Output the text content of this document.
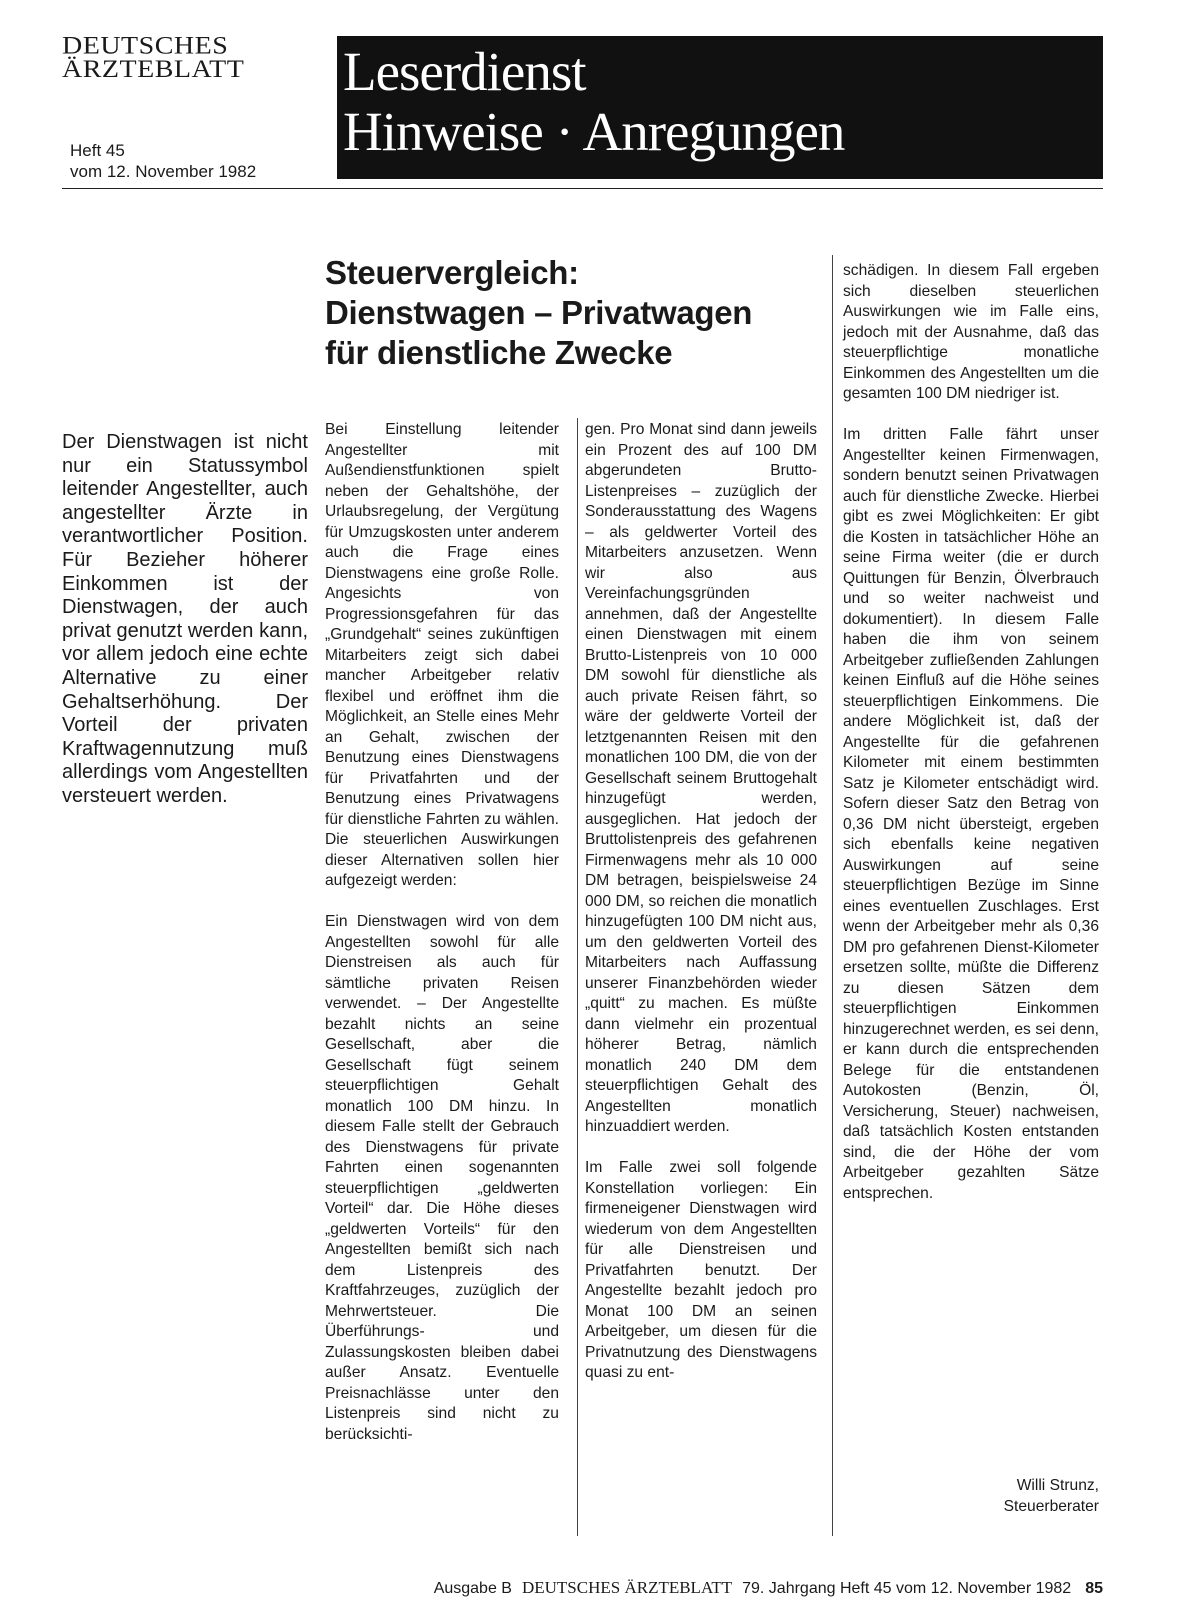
DEUTSCHES
ÄRZTEBLATT
Heft 45
vom 12. November 1982
Leserdienst
Hinweise · Anregungen
Steuervergleich:
Dienstwagen – Privatwagen
für dienstliche Zwecke
Der Dienstwagen ist nicht nur ein Statussymbol leitender Angestellter, auch angestellter Ärzte in verantwortlicher Position. Für Bezieher höherer Einkommen ist der Dienstwagen, der auch privat genutzt werden kann, vor allem jedoch eine echte Alternative zu einer Gehaltserhöhung. Der Vorteil der privaten Kraftwagennutzung muß allerdings vom Angestellten versteuert werden.
Bei Einstellung leitender Angestellter mit Außendienstfunktionen spielt neben der Gehaltshöhe, der Urlaubsregelung, der Vergütung für Umzugskosten unter anderem auch die Frage eines Dienstwagens eine große Rolle. Angesichts von Progressionsgefahren für das „Grundgehalt“ seines zukünftigen Mitarbeiters zeigt sich dabei mancher Arbeitgeber relativ flexibel und eröffnet ihm die Möglichkeit, an Stelle eines Mehr an Gehalt, zwischen der Benutzung eines Dienstwagens für Privatfahrten und der Benutzung eines Privatwagens für dienstliche Fahrten zu wählen. Die steuerlichen Auswirkungen dieser Alternativen sollen hier aufgezeigt werden:

Ein Dienstwagen wird von dem Angestellten sowohl für alle Dienstreisen als auch für sämtliche privaten Reisen verwendet. – Der Angestellte bezahlt nichts an seine Gesellschaft, aber die Gesellschaft fügt seinem steuerpflichtigen Gehalt monatlich 100 DM hinzu. In diesem Falle stellt der Gebrauch des Dienstwagens für private Fahrten einen sogenannten steuerpflichtigen „geldwerten Vorteil“ dar. Die Höhe dieses „geldwerten Vorteils“ für den Angestellten bemißt sich nach dem Listenpreis des Kraftfahrzeuges, zuzüglich der Mehrwertsteuer. Die Überführungs- und Zulassungskosten bleiben dabei außer Ansatz. Eventuelle Preisnachlässe unter den Listenpreis sind nicht zu berücksichti-
gen. Pro Monat sind dann jeweils ein Prozent des auf 100 DM abgerundeten Brutto-Listenpreises – zuzüglich der Sonderausstattung des Wagens – als geldwerter Vorteil des Mitarbeiters anzusetzen. Wenn wir also aus Vereinfachungsgründen annehmen, daß der Angestellte einen Dienstwagen mit einem Brutto-Listenpreis von 10 000 DM sowohl für dienstliche als auch private Reisen fährt, so wäre der geldwerte Vorteil der letztgenannten Reisen mit den monatlichen 100 DM, die von der Gesellschaft seinem Bruttogehalt hinzugefügt werden, ausgeglichen. Hat jedoch der Bruttolistenpreis des gefahrenen Firmenwagens mehr als 10 000 DM betragen, beispielsweise 24 000 DM, so reichen die monatlich hinzugefügten 100 DM nicht aus, um den geldwerten Vorteil des Mitarbeiters nach Auffassung unserer Finanzbehörden wieder „quitt“ zu machen. Es müßte dann vielmehr ein prozentual höherer Betrag, nämlich monatlich 240 DM dem steuerpflichtigen Gehalt des Angestellten monatlich hinzuaddiert werden.

Im Falle zwei soll folgende Konstellation vorliegen: Ein firmeneigener Dienstwagen wird wiederum von dem Angestellten für alle Dienstreisen und Privatfahrten benutzt. Der Angestellte bezahlt jedoch pro Monat 100 DM an seinen Arbeitgeber, um diesen für die Privatnutzung des Dienstwagens quasi zu ent-
schädigen. In diesem Fall ergeben sich dieselben steuerlichen Auswirkungen wie im Falle eins, jedoch mit der Ausnahme, daß das steuerpflichtige monatliche Einkommen des Angestellten um die gesamten 100 DM niedriger ist.

Im dritten Falle fährt unser Angestellter keinen Firmenwagen, sondern benutzt seinen Privatwagen auch für dienstliche Zwecke. Hierbei gibt es zwei Möglichkeiten: Er gibt die Kosten in tatsächlicher Höhe an seine Firma weiter (die er durch Quittungen für Benzin, Ölverbrauch und so weiter nachweist und dokumentiert). In diesem Falle haben die ihm von seinem Arbeitgeber zufließenden Zahlungen keinen Einfluß auf die Höhe seines steuerpflichtigen Einkommens. Die andere Möglichkeit ist, daß der Angestellte für die gefahrenen Kilometer mit einem bestimmten Satz je Kilometer entschädigt wird. Sofern dieser Satz den Betrag von 0,36 DM nicht übersteigt, ergeben sich ebenfalls keine negativen Auswirkungen auf seine steuerpflichtigen Bezüge im Sinne eines eventuellen Zuschlages. Erst wenn der Arbeitgeber mehr als 0,36 DM pro gefahrenen Dienst-Kilometer ersetzen sollte, müßte die Differenz zu diesen Sätzen dem steuerpflichtigen Einkommen hinzugerechnet werden, es sei denn, er kann durch die entsprechenden Belege für die entstandenen Autokosten (Benzin, Öl, Versicherung, Steuer) nachweisen, daß tatsächlich Kosten entstanden sind, die der Höhe der vom Arbeitgeber gezahlten Sätze entsprechen.
Willi Strunz,
Steuerberater
Ausgabe B DEUTSCHES ÄRZTEBLATT 79. Jahrgang Heft 45 vom 12. November 1982 85
